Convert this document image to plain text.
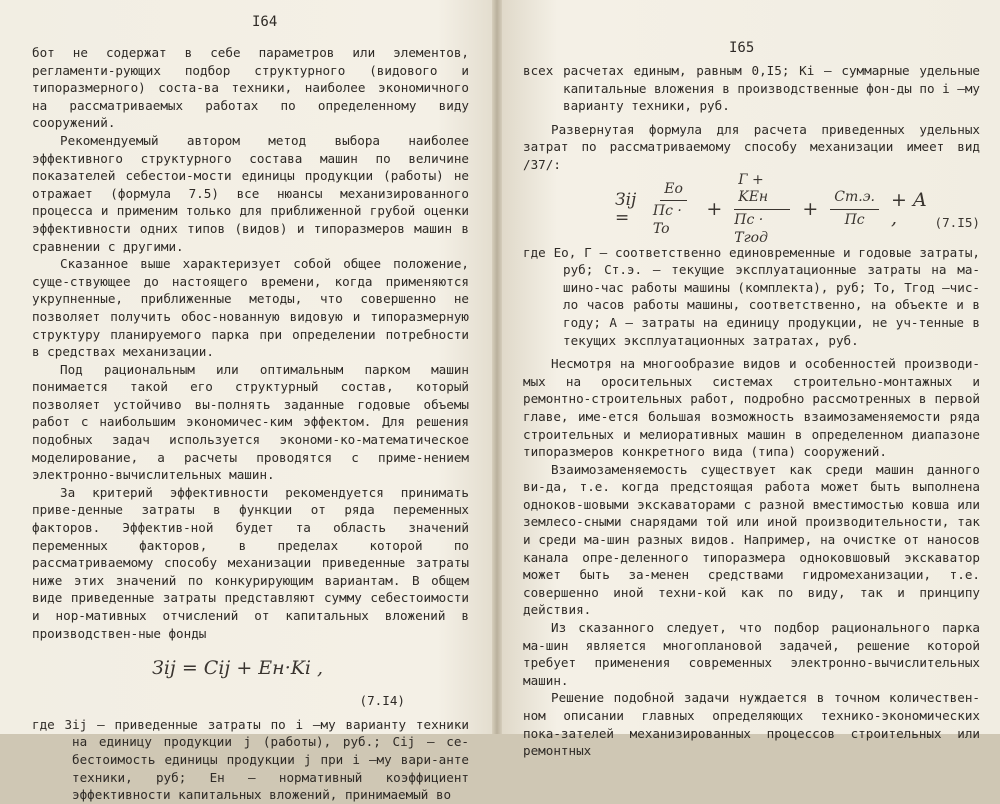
I64

бот не содержат в себе параметров или элементов, регламенти-рующих подбор структурного (видового и типоразмерного) соста-ва техники, наиболее экономичного на рассматриваемых работах по определенному виду сооружений.

Рекомендуемый автором метод выбора наиболее эффективного структурного состава машин по величине показателей себестои-мости единицы продукции (работы) не отражает (формула 7.5) все нюансы механизированного процесса и применим только для приближенной грубой оценки эффективности одних типов (видов) и типоразмеров машин в сравнении с другими.

Сказанное выше характеризует собой общее положение, суще-ствующее до настоящего времени, когда применяются укрупненные, приближенные методы, что совершенно не позволяет получить обос-нованную видовую и типоразмерную структуру планируемого парка при определении потребности в средствах механизации.

Под рациональным или оптимальным парком машин понимается такой его структурный состав, который позволяет устойчиво вы-полнять заданные годовые объемы работ с наибольшим экономичес-ким эффектом. Для решения подобных задач используется экономи-ко-математическое моделирование, а расчеты проводятся с приме-нением электронно-вычислительных машин.

За критерий эффективности рекомендуется принимать приве-денные затраты в функции от ряда переменных факторов. Эффектив-ной будет та область значений переменных факторов, в пределах которой по рассматриваемому способу механизации приведенные затраты ниже этих значений по конкурирующим вариантам. В общем виде приведенные затраты представляют сумму себестоимости и нор-мативных отчислений от капитальных вложений в производствен-ные фонды

Зij = Cij + Eн·Ki ,
(7.I4)

где Зij – приведенные затраты по i –му варианту техники на единицу продукции j (работы), руб.; Cij – се-бестоимость единицы продукции j при i –му вари-анте техники, руб; Eн – нормативный коэффициент эффективности капитальных вложений, принимаемый во

I65

всех расчетах единым, равным 0,I5; Ki – суммарные удельные капитальные вложения в производственные фон-ды по i –му варианту техники, руб.

Развернутая формула для расчета приведенных удельных затрат по рассматриваемому способу механизации имеет вид /37/:

Зij =	$\frac{Eo}{Пс \cdot To} + \frac{\text{Г + KEн}}{\text{Пс · Tгод}} + \frac{Cт.э.}{Пс} + A$ ,	(7.I5)

где Eo, Г – соответственно единовременные и годовые затраты, руб; Cт.э. – текущие эксплуатационные затраты на ма-шино-час работы машины (комплекта), руб; To, Tгод –чис-ло часов работы машины, соответственно, на объекте и в году; A – затраты на единицу продукции, не уч-тенные в текущих эксплуатационных затратах, руб.

Несмотря на многообразие видов и особенностей производи-мых на оросительных системах строительно-монтажных и ремонтно-строительных работ, подробно рассмотренных в первой главе, име-ется большая возможность взаимозаменяемости ряда строительных и мелиоративных машин в определенном диапазоне типоразмеров конкретного вида (типа) сооружений.

Взаимозаменяемость существует как среди машин данного ви-да, т.е. когда предстоящая работа может быть выполнена одноков-шовыми экскаваторами с разной вместимостью ковша или землесо-сными снарядами той или иной производительности, так и среди ма-шин разных видов. Например, на очистке от наносов канала опре-деленного типоразмера одноковшовый экскаватор может быть за-менен средствами гидромеханизации, т.е. совершенно иной техни-кой как по виду, так и принципу действия.

Из сказанного следует, что подбор рационального парка ма-шин является многоплановой задачей, решение которой требует применения современных электронно-вычислительных машин.

Решение подобной задачи нуждается в точном количествен-ном описании главных определяющих технико-экономических пока-зателей механизированных процессов строительных или ремонтных
